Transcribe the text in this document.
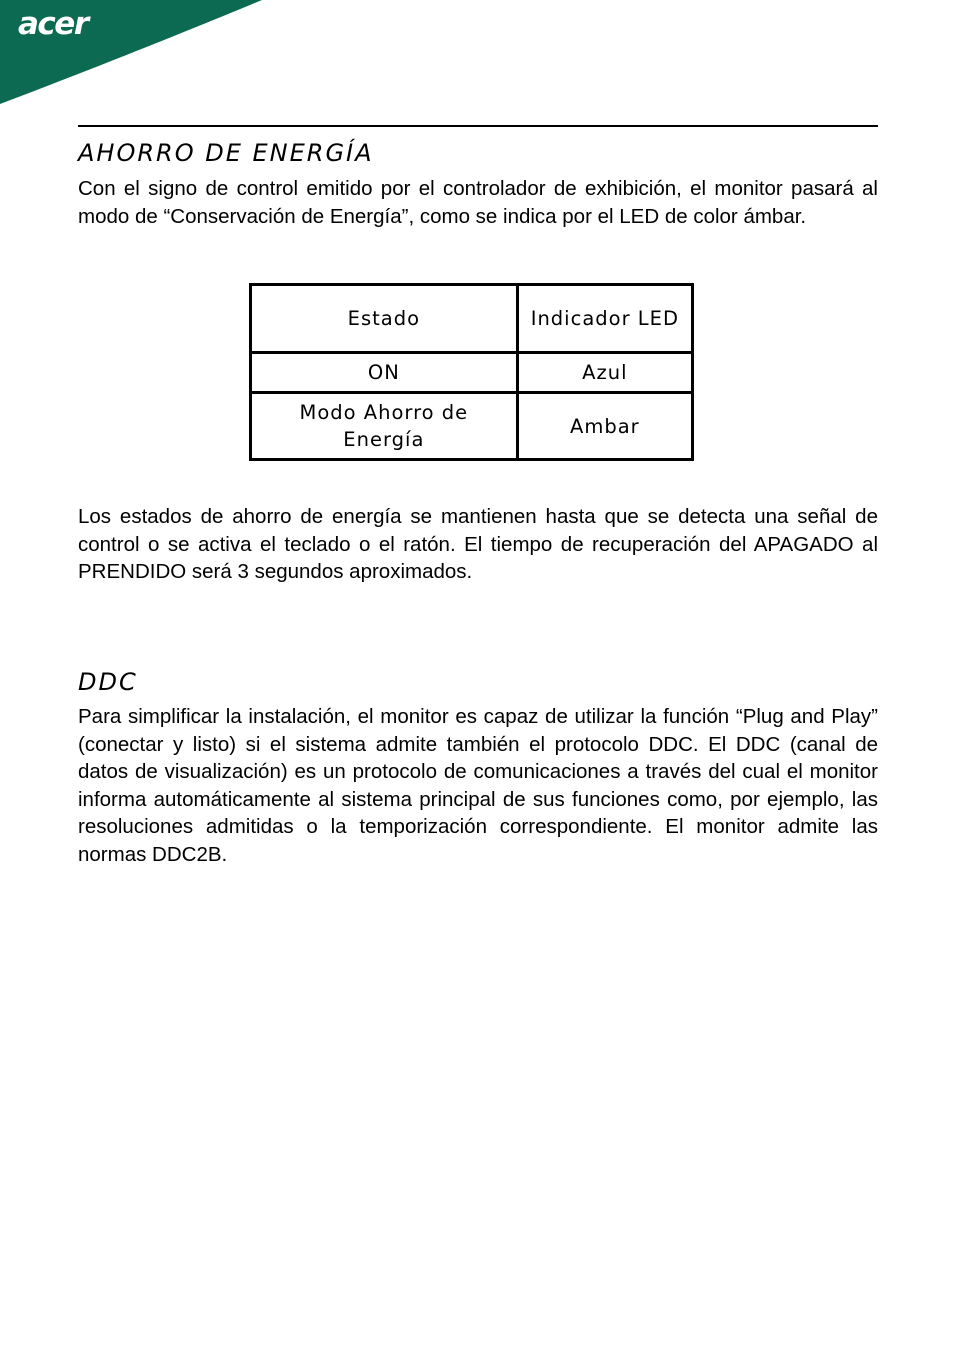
acer
AHORRO DE ENERGÍA

Con el signo de control emitido por el controlador de exhibición, el monitor pasará al modo de “Conservación de Energía”, como se indica por el LED de color ámbar.

Estado	Indicador LED
ON	Azul
Modo Ahorro de Energía	Ambar

Los estados de ahorro de energía se mantienen hasta que se detecta una señal de control o se activa el teclado o el ratón. El tiempo de recuperación del APAGADO al PRENDIDO será 3 segundos aproximados.

DDC

Para simplificar la instalación, el monitor es capaz de utilizar la función “Plug and Play” (conectar y listo) si el sistema admite también el protocolo DDC. El DDC (canal de datos de visualización) es un protocolo de comunicaciones a través del cual el monitor informa automáticamente al sistema principal de sus funciones como, por ejemplo, las resoluciones admitidas o la temporización correspondiente. El monitor admite las normas DDC2B.
